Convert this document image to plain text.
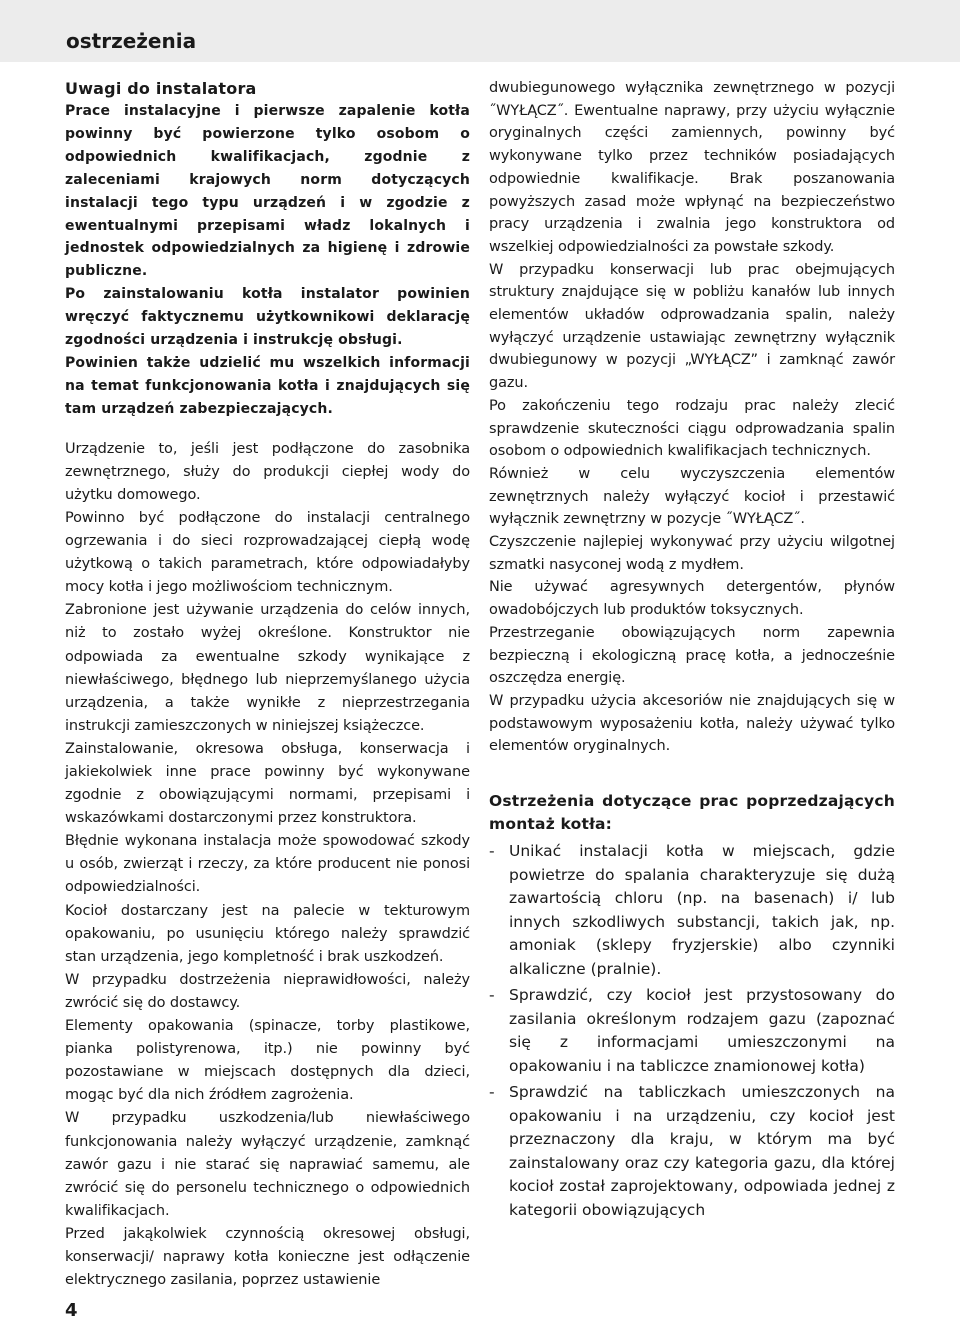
ostrzeżenia

Uwagi do instalatora

Prace instalacyjne i pierwsze zapalenie kotła powinny być powierzone tylko osobom o odpowiednich kwalifikacjach, zgodnie z zaleceniami krajowych norm dotyczących instalacji tego typu urządzeń i w zgodzie z ewentualnymi przepisami władz lokalnych i jednostek odpowiedzialnych za higienę i zdrowie publiczne.

Po zainstalowaniu kotła instalator powinien wręczyć faktycznemu użytkownikowi deklarację zgodności urządzenia i instrukcję obsługi.

Powinien także udzielić mu wszelkich informacji na temat funkcjonowania kotła i znajdujących się tam urządzeń zabezpieczających.

Urządzenie to, jeśli jest podłączone do zasobnika zewnętrznego, służy do produkcji ciepłej wody do użytku domowego.

Powinno być podłączone do instalacji centralnego ogrzewania i do sieci rozprowadzającej ciepłą wodę użytkową o takich parametrach, które odpowiadałyby mocy kotła i jego możliwościom technicznym.

Zabronione jest używanie urządzenia do celów innych, niż to zostało wyżej określone. Konstruktor nie odpowiada za ewentualne szkody wynikające z niewłaściwego, błędnego lub nieprzemyślanego użycia urządzenia, a także wynikłe z nieprzestrzegania instrukcji zamieszczonych w niniejszej książeczce.

Zainstalowanie, okresowa obsługa, konserwacja i jakiekolwiek inne prace powinny być wykonywane zgodnie z obowiązującymi normami, przepisami i wskazówkami dostarczonymi przez konstruktora.

Błędnie wykonana instalacja może spowodować szkody u osób, zwierząt i rzeczy, za które producent nie ponosi odpowiedzialności.

Kocioł dostarczany jest na palecie w tekturowym opakowaniu, po usunięciu którego należy sprawdzić stan urządzenia, jego kompletność i brak uszkodzeń.

W przypadku dostrzeżenia nieprawidłowości, należy zwrócić się do dostawcy.

Elementy opakowania (spinacze, torby plastikowe, pianka polistyrenowa, itp.) nie powinny być pozostawiane w miejscach dostępnych dla dzieci, mogąc być dla nich źródłem zagrożenia.

W przypadku uszkodzenia/lub niewłaściwego funkcjonowania należy wyłączyć urządzenie, zamknąć zawór gazu i nie starać się naprawiać samemu, ale zwrócić się do personelu technicznego o odpowiednich kwalifikacjach.

Przed jakąkolwiek czynnością okresowej obsługi, konserwacji/ naprawy kotła konieczne jest odłączenie elektrycznego zasilania, poprzez ustawienie

dwubiegunowego wyłącznika zewnętrznego w pozycji ˝WYŁĄCZ˝. Ewentualne naprawy, przy użyciu wyłącznie oryginalnych części zamiennych, powinny być wykonywane tylko przez techników posiadających odpowiednie kwalifikacje. Brak poszanowania powyższych zasad może wpłynąć na bezpieczeństwo pracy urządzenia i zwalnia jego konstruktora od wszelkiej odpowiedzialności za powstałe szkody.

W przypadku konserwacji lub prac obejmujących struktury znajdujące się w pobliżu kanałów lub innych elementów układów odprowadzania spalin, należy wyłączyć urządzenie ustawiając zewnętrzny wyłącznik dwubiegunowy w pozycji „WYŁĄCZ” i zamknąć zawór gazu.

Po zakończeniu tego rodzaju prac należy zlecić sprawdzenie skuteczności ciągu odprowadzania spalin osobom o odpowiednich kwalifikacjach technicznych.

Również w celu wyczyszczenia elementów zewnętrznych należy wyłączyć kocioł i przestawić wyłącznik zewnętrzny w pozycje ˝WYŁĄCZ˝.

Czyszczenie najlepiej wykonywać przy użyciu wilgotnej szmatki nasyconej wodą z mydłem.

Nie używać agresywnych detergentów, płynów owadobójczych lub produktów toksycznych.

Przestrzeganie obowiązujących norm zapewnia bezpieczną i ekologiczną pracę kotła, a jednocześnie oszczędza energię.

W przypadku użycia akcesoriów nie znajdujących się w podstawowym wyposażeniu kotła, należy używać tylko elementów oryginalnych.

Ostrzeżenia dotyczące prac poprzedzających montaż kotła:

- Unikać instalacji kotła w miejscach, gdzie powietrze do spalania charakteryzuje się dużą zawartością chloru (np. na basenach) i/ lub innych szkodliwych substancji, takich jak, np. amoniak (sklepy fryzjerskie) albo czynniki alkaliczne (pralnie).
- Sprawdzić, czy kocioł jest przystosowany do zasilania określonym rodzajem gazu (zapoznać się z informacjami umieszczonymi na opakowaniu i na tabliczce znamionowej kotła)
- Sprawdzić na tabliczkach umieszczonych na opakowaniu i na urządzeniu, czy kocioł jest przeznaczony dla kraju, w którym ma być zainstalowany oraz czy kategoria gazu, dla której kocioł został zaprojektowany, odpowiada jednej z kategorii obowiązujących
4
